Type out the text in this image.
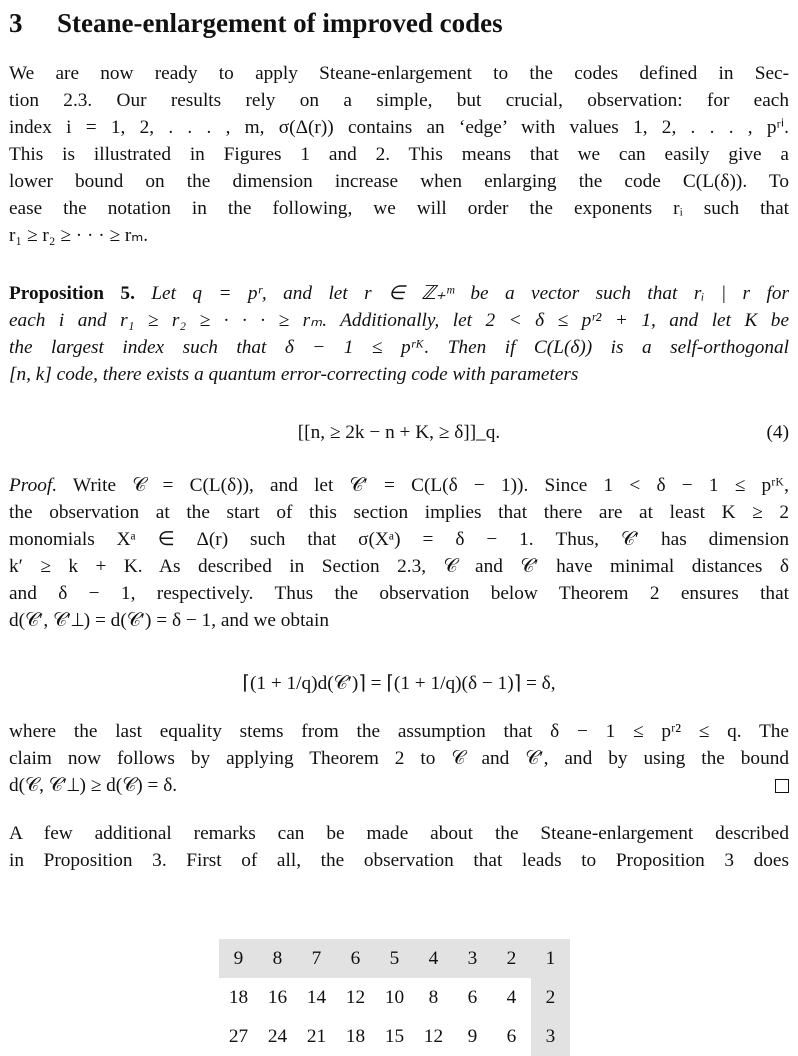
3 Steane-enlargement of improved codes
We are now ready to apply Steane-enlargement to the codes defined in Sec-
tion 2.3. Our results rely on a simple, but crucial, observation: for each
index i = 1, 2, . . . , m, σ(Δ(r)) contains an ‘edge’ with values 1, 2, . . . , pʳⁱ.
This is illustrated in Figures 1 and 2. This means that we can easily give a
lower bound on the dimension increase when enlarging the code C(L(δ)). To
ease the notation in the following, we will order the exponents rᵢ such that
r₁ ≥ r₂ ≥ · · · ≥ rₘ.
Proposition 5. Let q = pʳ, and let r ∈ ℤ₊ᵐ be a vector such that rᵢ | r for
each i and r₁ ≥ r₂ ≥ · · · ≥ rₘ. Additionally, let 2 < δ ≤ pʳ² + 1, and let K be
the largest index such that δ − 1 ≤ pʳᴷ. Then if C(L(δ)) is a self-orthogonal
[n, k] code, there exists a quantum error-correcting code with parameters
[[n, ≥ 2k − n + K, ≥ δ]]_q.	(4)
Proof. Write 𝒞 = C(L(δ)), and let 𝒞′ = C(L(δ − 1)). Since 1 < δ − 1 ≤ pʳᴷ,
the observation at the start of this section implies that there are at least K ≥ 2
monomials Xᵃ ∈ Δ(r) such that σ(Xᵃ) = δ − 1. Thus, 𝒞′ has dimension
k′ ≥ k + K. As described in Section 2.3, 𝒞 and 𝒞′ have minimal distances δ
and δ − 1, respectively. Thus the observation below Theorem 2 ensures that
d(𝒞′, 𝒞′⊥) = d(𝒞′) = δ − 1, and we obtain
⌈(1 + 1/q)d(𝒞′)⌉ = ⌈(1 + 1/q)(δ − 1)⌉ = δ,
where the last equality stems from the assumption that δ − 1 ≤ pʳ² ≤ q. The
claim now follows by applying Theorem 2 to 𝒞 and 𝒞′, and by using the bound
d(𝒞, 𝒞′⊥) ≥ d(𝒞) = δ.
A few additional remarks can be made about the Steane-enlargement described
in Proposition 3. First of all, the observation that leads to Proposition 3 does
9	8	7	6	5	4	3	2	1
18	16	14	12	10	8	6	4	2
27	24	21	18	15	12	9	6	3
